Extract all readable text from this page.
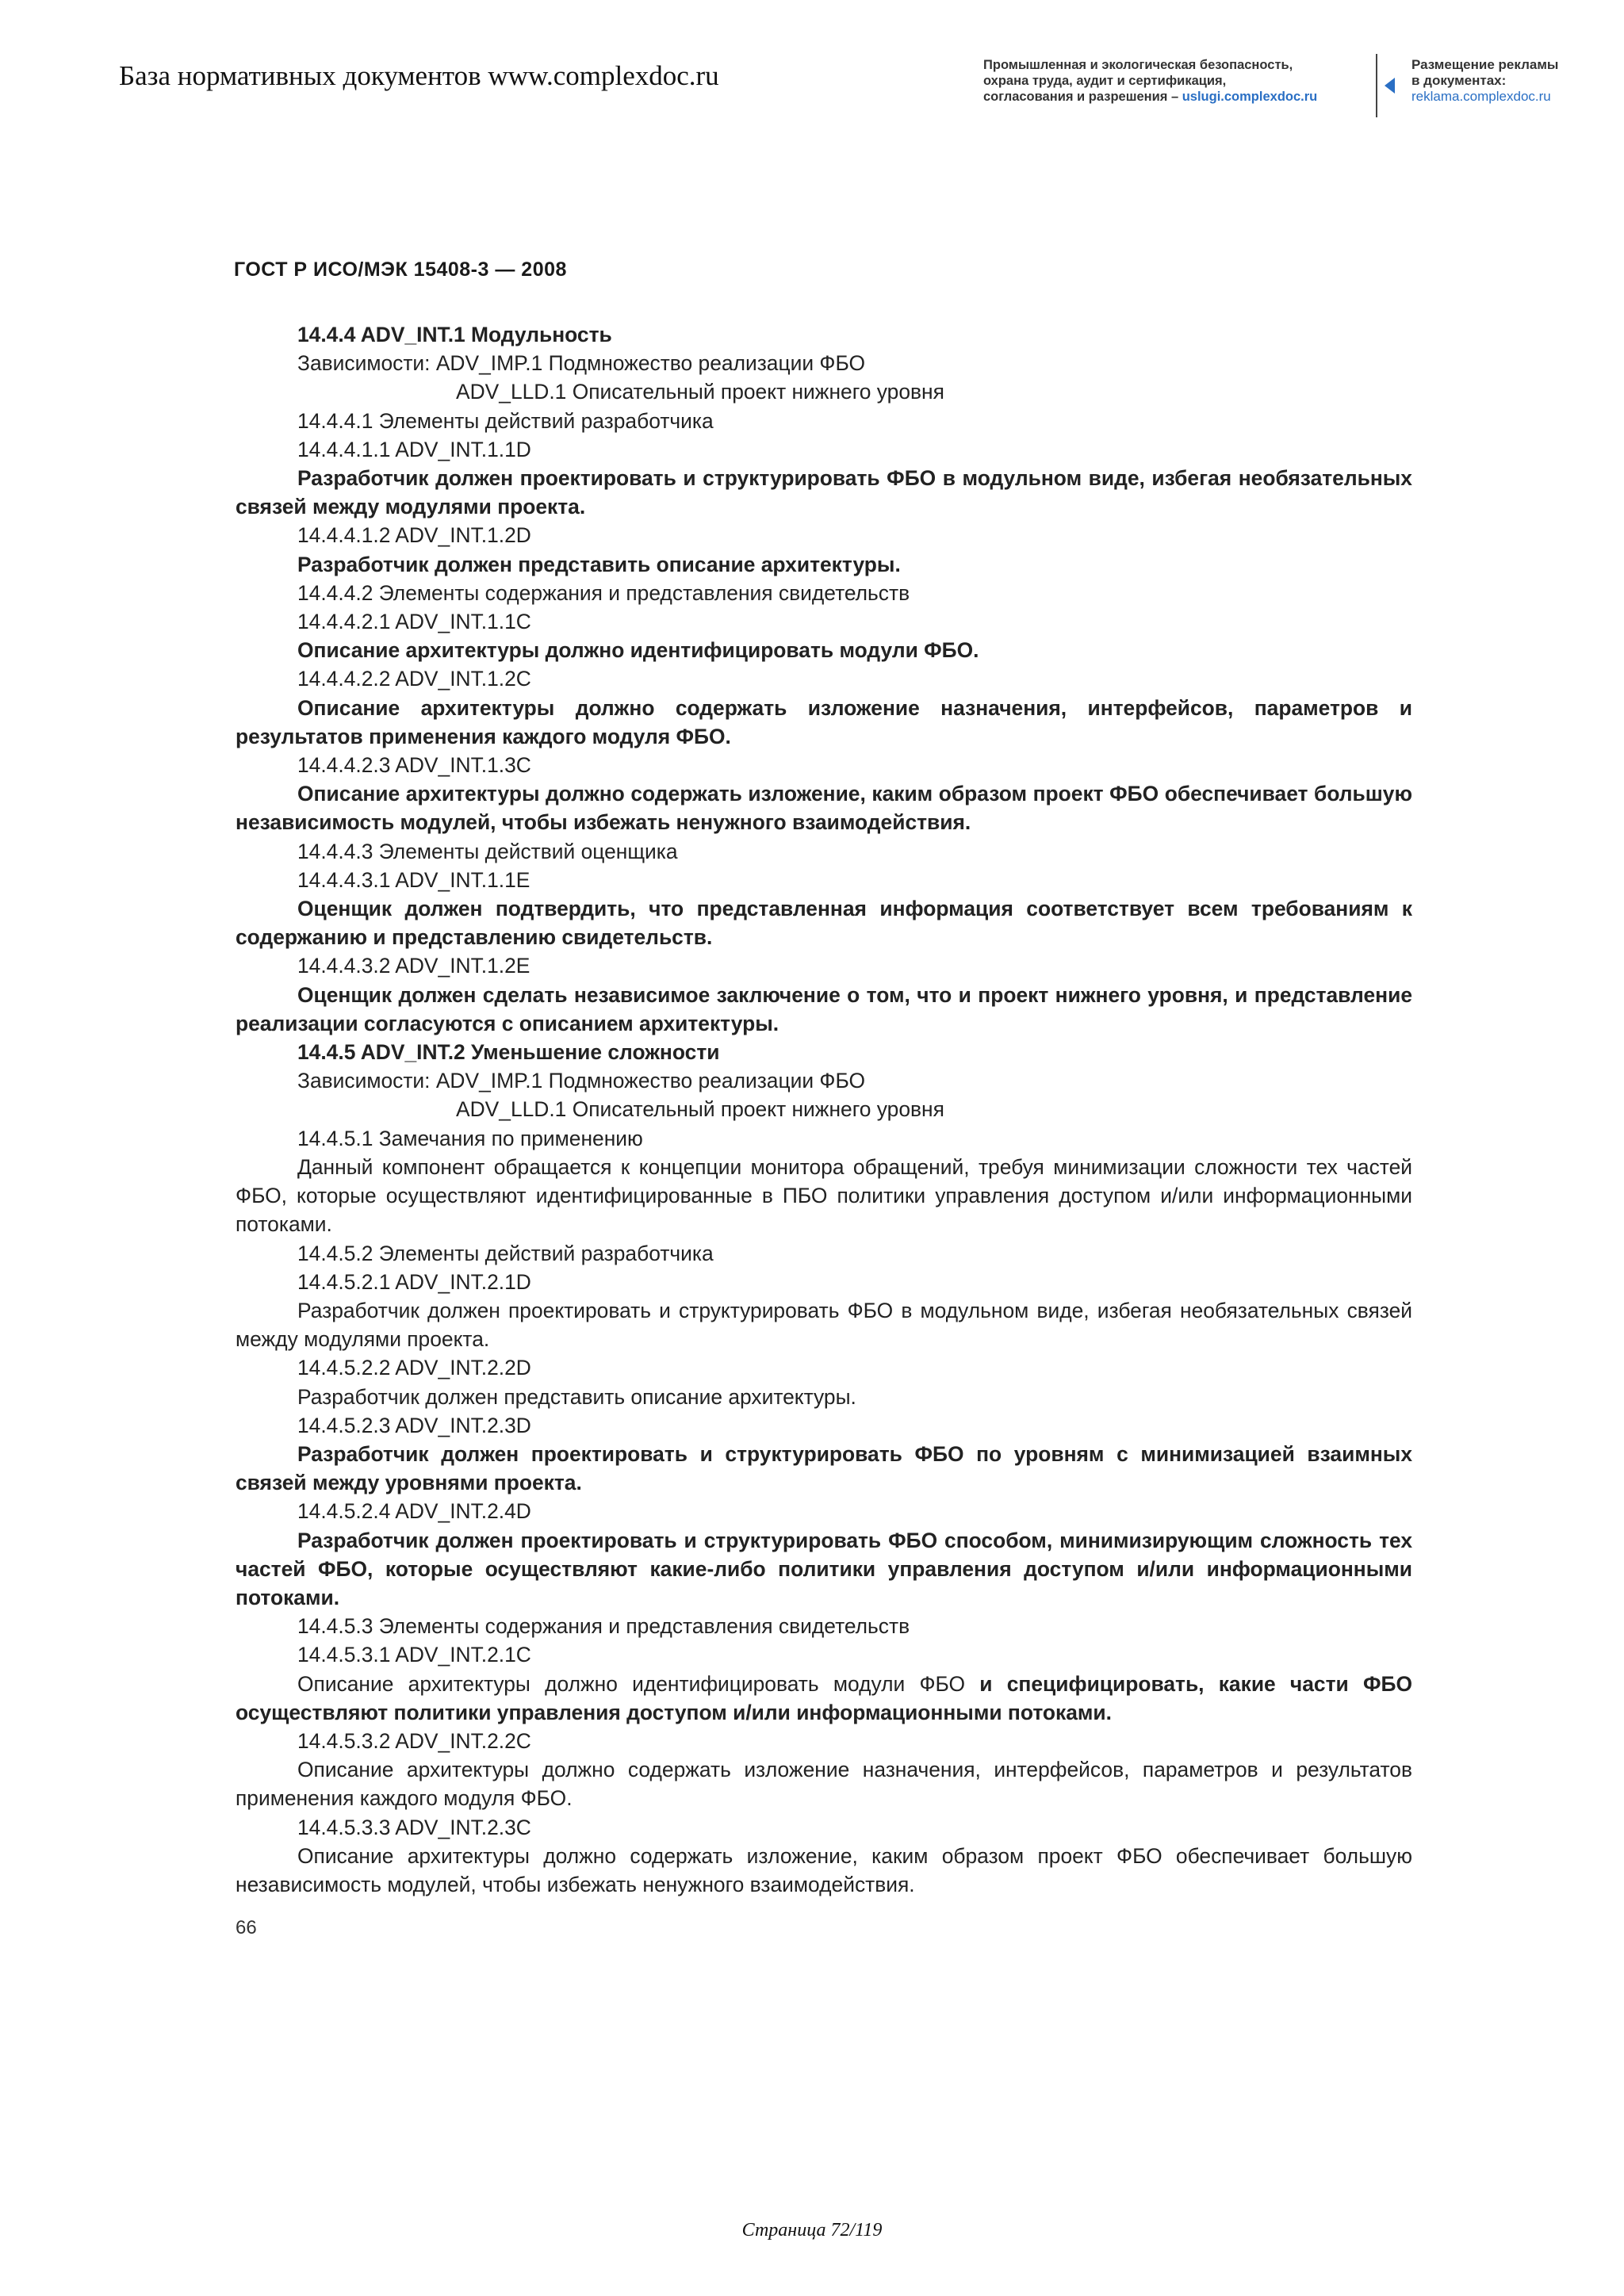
База нормативных документов www.complexdoc.ru	Промышленная и экологическая безопасность,
охрана труда, аудит и сертификация,
согласования и разрешения – uslugi.complexdoc.ru
Размещение рекламы
в документах:
reklama.complexdoc.ru
ГОСТ Р ИСО/МЭК 15408-3 — 2008

14.4.4 ADV_INT.1 Модульность

Зависимости: ADV_IMP.1 Подмножество реализации ФБО

ADV_LLD.1 Описательный проект нижнего уровня

14.4.4.1 Элементы действий разработчика

14.4.4.1.1 ADV_INT.1.1D

Разработчик должен проектировать и структурировать ФБО в модульном виде, избегая необязательных связей между модулями проекта.

14.4.4.1.2 ADV_INT.1.2D

Разработчик должен представить описание архитектуры.

14.4.4.2 Элементы содержания и представления свидетельств

14.4.4.2.1 ADV_INT.1.1C

Описание архитектуры должно идентифицировать модули ФБО.

14.4.4.2.2 ADV_INT.1.2C

Описание архитектуры должно содержать изложение назначения, интерфейсов, параметров и результатов применения каждого модуля ФБО.

14.4.4.2.3 ADV_INT.1.3C

Описание архитектуры должно содержать изложение, каким образом проект ФБО обеспечивает большую независимость модулей, чтобы избежать ненужного взаимодействия.

14.4.4.3 Элементы действий оценщика

14.4.4.3.1 ADV_INT.1.1E

Оценщик должен подтвердить, что представленная информация соответствует всем требованиям к содержанию и представлению свидетельств.

14.4.4.3.2 ADV_INT.1.2E

Оценщик должен сделать независимое заключение о том, что и проект нижнего уровня, и представление реализации согласуются с описанием архитектуры.

14.4.5 ADV_INT.2 Уменьшение сложности

Зависимости: ADV_IMP.1 Подмножество реализации ФБО

ADV_LLD.1 Описательный проект нижнего уровня

14.4.5.1 Замечания по применению

Данный компонент обращается к концепции монитора обращений, требуя минимизации сложности тех частей ФБО, которые осуществляют идентифицированные в ПБО политики управления доступом и/или информационными потоками.

14.4.5.2 Элементы действий разработчика

14.4.5.2.1 ADV_INT.2.1D

Разработчик должен проектировать и структурировать ФБО в модульном виде, избегая необязательных связей между модулями проекта.

14.4.5.2.2 ADV_INT.2.2D

Разработчик должен представить описание архитектуры.

14.4.5.2.3 ADV_INT.2.3D

Разработчик должен проектировать и структурировать ФБО по уровням с минимизацией взаимных связей между уровнями проекта.

14.4.5.2.4 ADV_INT.2.4D

Разработчик должен проектировать и структурировать ФБО способом, минимизирующим сложность тех частей ФБО, которые осуществляют какие-либо политики управления доступом и/или информационными потоками.

14.4.5.3 Элементы содержания и представления свидетельств

14.4.5.3.1 ADV_INT.2.1C

Описание архитектуры должно идентифицировать модули ФБО и специфицировать, какие части ФБО осуществляют политики управления доступом и/или информационными потоками.

14.4.5.3.2 ADV_INT.2.2C

Описание архитектуры должно содержать изложение назначения, интерфейсов, параметров и результатов применения каждого модуля ФБО.

14.4.5.3.3 ADV_INT.2.3C

Описание архитектуры должно содержать изложение, каким образом проект ФБО обеспечивает большую независимость модулей, чтобы избежать ненужного взаимодействия.

66
Страница 72/119
